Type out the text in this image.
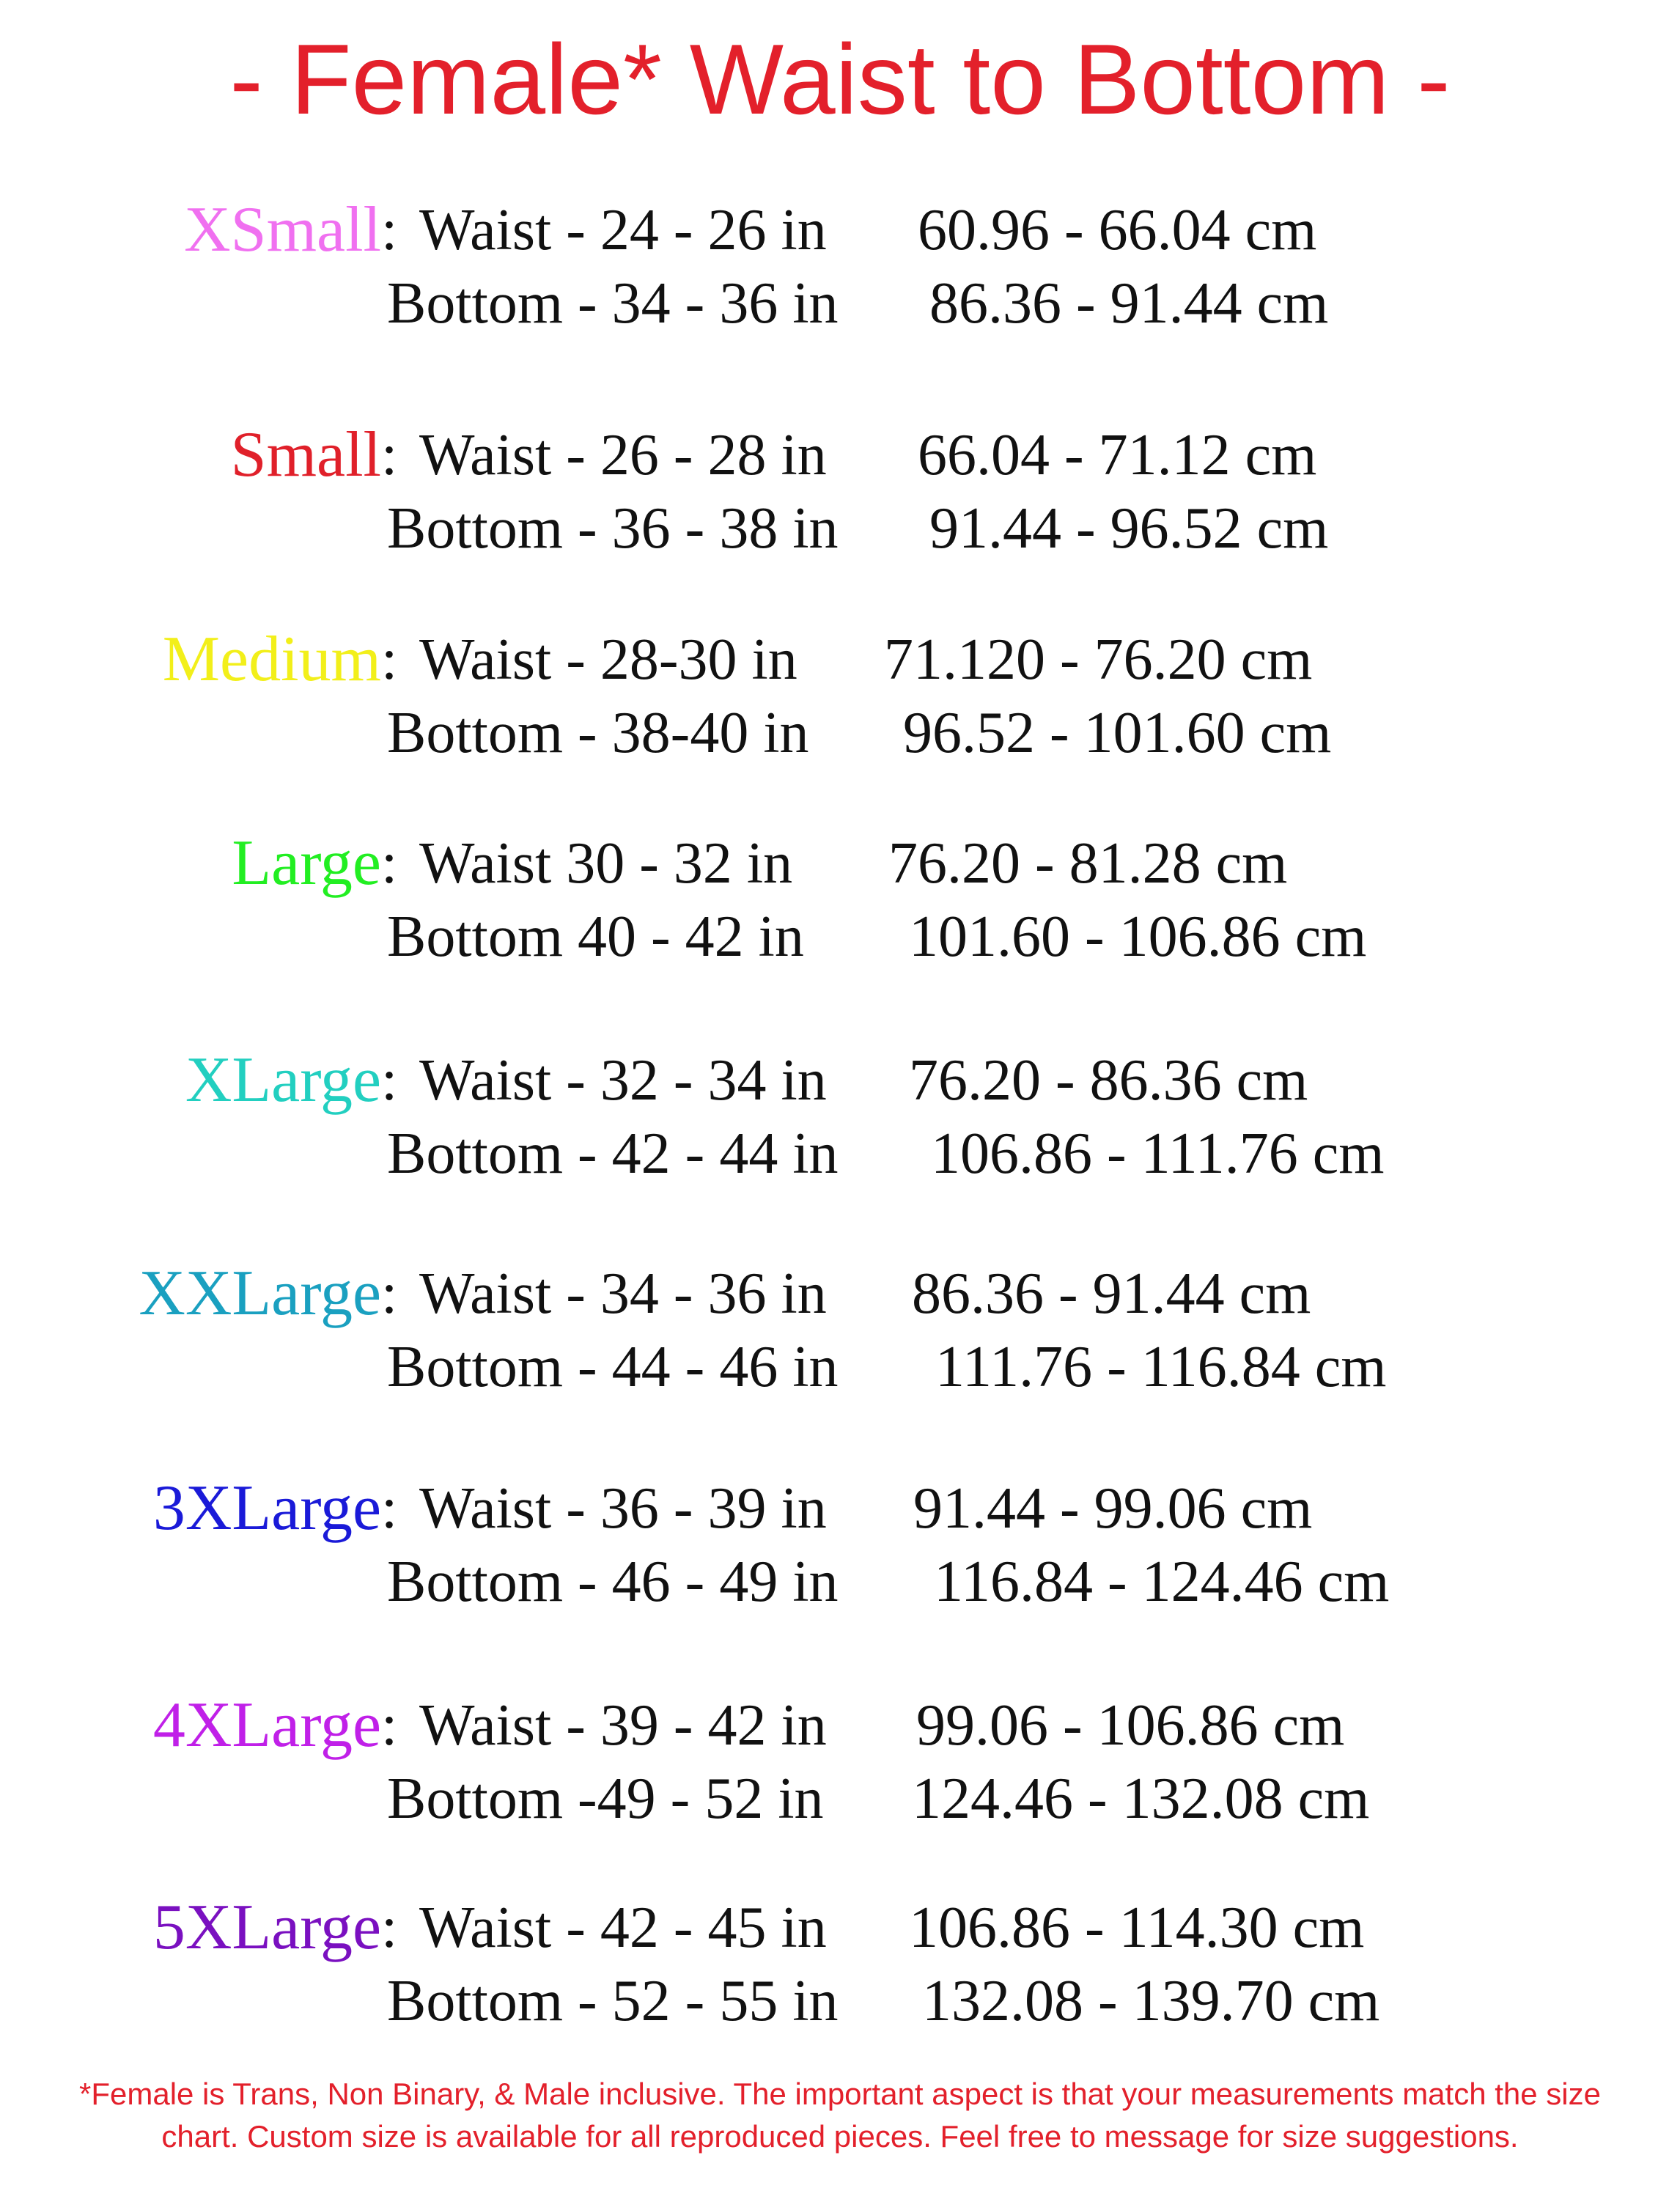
- Female* Waist to Bottom -
XSmall : Waist - 24 - 26 in 60.96 - 66.04 cm
Bottom - 34 - 36 in 86.36 - 91.44 cm
Small : Waist - 26 - 28 in 66.04 - 71.12 cm
Bottom - 36 - 38 in 91.44 - 96.52 cm
Medium : Waist - 28-30 in 71.120 - 76.20 cm
Bottom - 38-40 in 96.52 - 101.60 cm
Large : Waist 30 - 32 in 76.20 - 81.28 cm
Bottom 40 - 42 in 101.60 - 106.86 cm
XLarge : Waist - 32 - 34 in 76.20 - 86.36 cm
Bottom - 42 - 44 in 106.86 - 111.76 cm
XXLarge : Waist - 34 - 36 in 86.36 - 91.44 cm
Bottom - 44 - 46 in 111.76 - 116.84 cm
3XLarge : Waist - 36 - 39 in 91.44 - 99.06 cm
Bottom - 46 - 49 in 116.84 - 124.46 cm
4XLarge : Waist - 39 - 42 in 99.06 - 106.86 cm
Bottom -49 - 52 in 124.46 - 132.08 cm
5XLarge : Waist - 42 - 45 in 106.86 - 114.30 cm
Bottom - 52 - 55 in 132.08 - 139.70 cm
*Female is Trans, Non Binary, & Male inclusive. The important aspect is that your measurements match the size
chart. Custom size is available for all reproduced pieces. Feel free to message for size suggestions.
